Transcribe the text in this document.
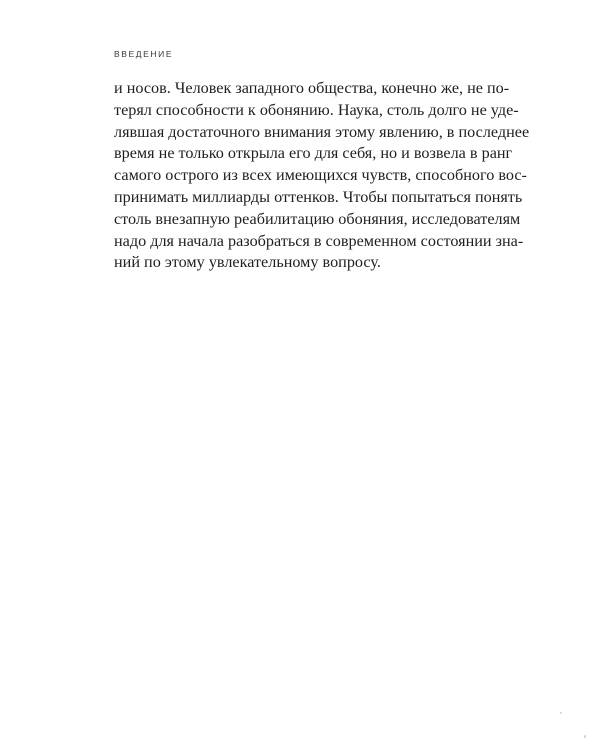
ВВЕДЕНИЕ
и носов. Человек западного общества, конечно же, не по-
терял способности к обонянию. Наука, столь долго не уде-
лявшая достаточного внимания этому явлению, в последнее
время не только открыла его для себя, но и возвела в ранг
самого острого из всех имеющихся чувств, способного вос-
принимать миллиарды оттенков. Чтобы попытаться понять
столь внезапную реабилитацию обоняния, исследователям
надо для начала разобраться в современном состоянии зна-
ний по этому увлекательному вопросу.
